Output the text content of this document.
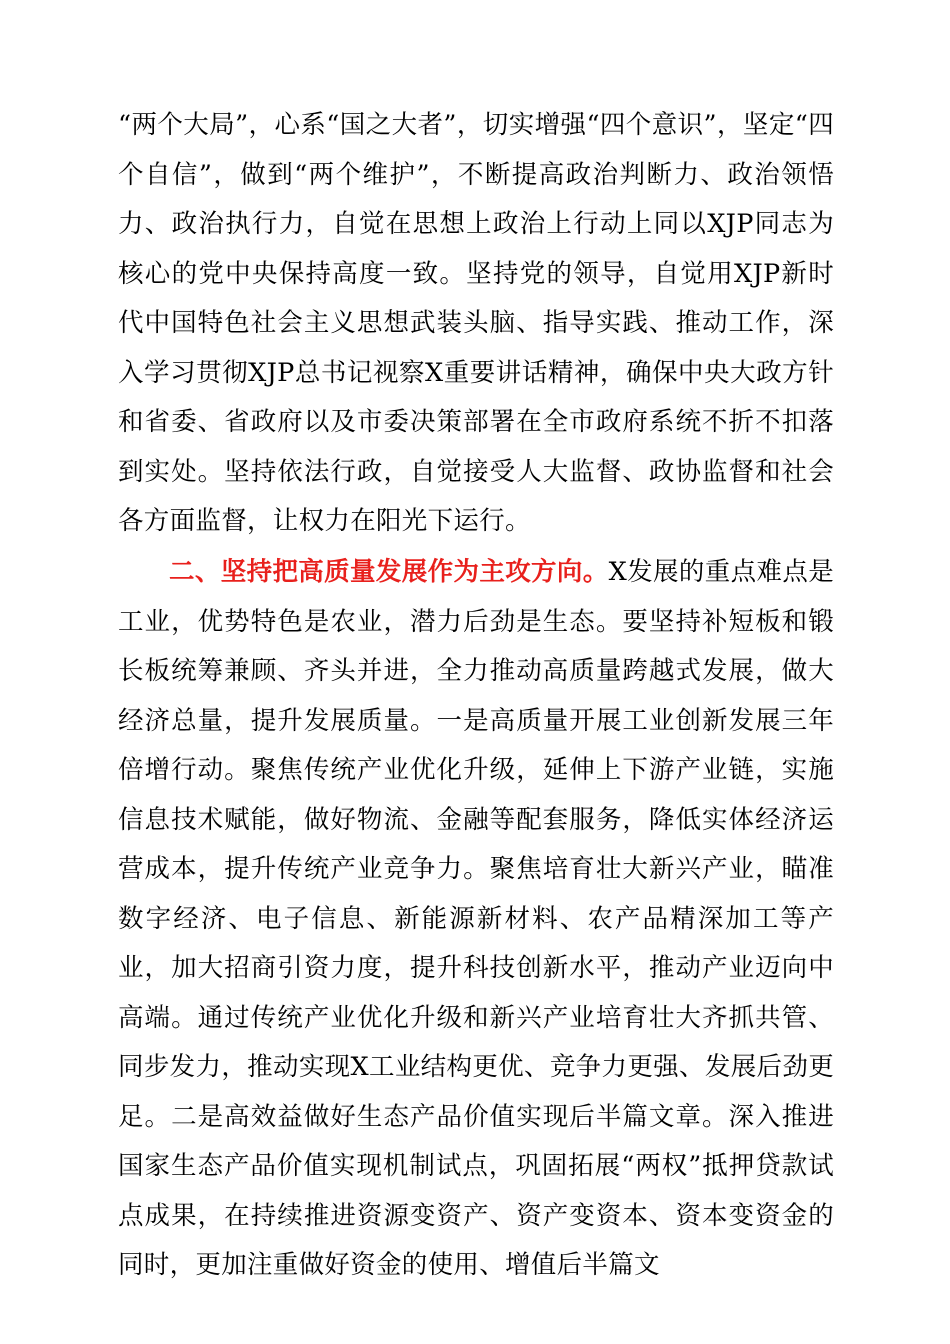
“两个大局”，心系“国之大者”，切实增强“四个意识”，坚定“四个自信”，做到“两个维护”，不断提高政治判断力、政治领悟力、政治执行力，自觉在思想上政治上行动上同以XJP同志为核心的党中央保持高度一致。坚持党的领导，自觉用XJP新时代中国特色社会主义思想武装头脑、指导实践、推动工作，深入学习贯彻XJP总书记视察X重要讲话精神，确保中央大政方针和省委、省政府以及市委决策部署在全市政府系统不折不扣落到实处。坚持依法行政，自觉接受人大监督、政协监督和社会各方面监督，让权力在阳光下运行。

二、坚持把高质量发展作为主攻方向。X发展的重点难点是工业，优势特色是农业，潜力后劲是生态。要坚持补短板和锻长板统筹兼顾、齐头并进，全力推动高质量跨越式发展，做大经济总量，提升发展质量。一是高质量开展工业创新发展三年倍增行动。聚焦传统产业优化升级，延伸上下游产业链，实施信息技术赋能，做好物流、金融等配套服务，降低实体经济运营成本，提升传统产业竞争力。聚焦培育壮大新兴产业，瞄准数字经济、电子信息、新能源新材料、农产品精深加工等产业，加大招商引资力度，提升科技创新水平，推动产业迈向中高端。通过传统产业优化升级和新兴产业培育壮大齐抓共管、同步发力，推动实现X工业结构更优、竞争力更强、发展后劲更足。二是高效益做好生态产品价值实现后半篇文章。深入推进国家生态产品价值实现机制试点，巩固拓展“两权”抵押贷款试点成果，在持续推进资源变资产、资产变资本、资本变资金的同时，更加注重做好资金的使用、增值后半篇文
